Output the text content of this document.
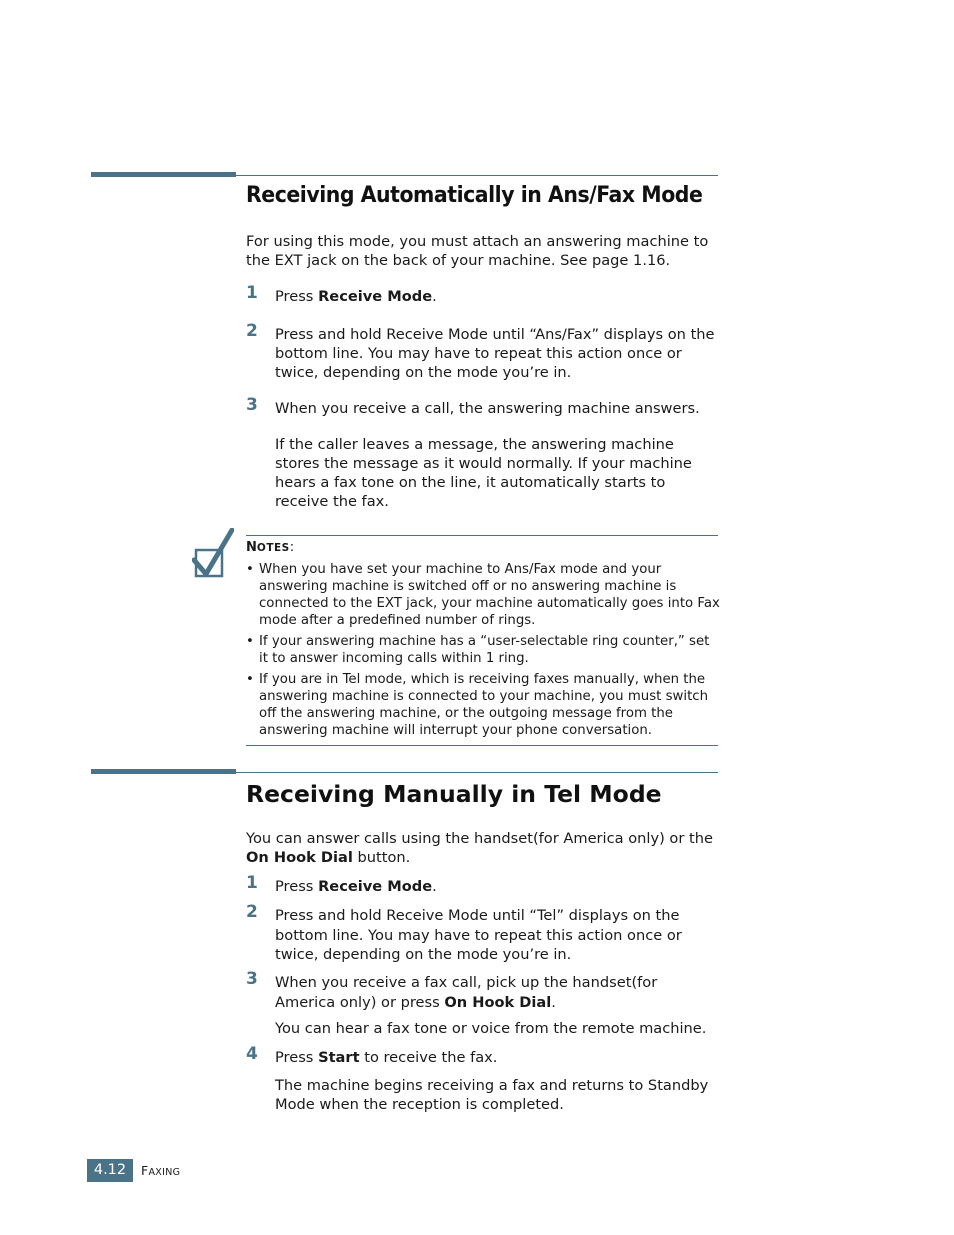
Receiving Automatically in Ans/Fax Mode

For using this mode, you must attach an answering machine to the EXT jack on the back of your machine. See page 1.16.

1 Press Receive Mode.

2 Press and hold Receive Mode until “Ans/Fax” displays on the bottom line. You may have to repeat this action once or twice, depending on the mode you’re in.

3 When you receive a call, the answering machine answers.

If the caller leaves a message, the answering machine stores the message as it would normally. If your machine hears a fax tone on the line, it automatically starts to receive the fax.

NOTES:

• When you have set your machine to Ans/Fax mode and your answering machine is switched off or no answering machine is connected to the EXT jack, your machine automatically goes into Fax mode after a predefined number of rings.
• If your answering machine has a “user-selectable ring counter,” set it to answer incoming calls within 1 ring.
• If you are in Tel mode, which is receiving faxes manually, when the answering machine is connected to your machine, you must switch off the answering machine, or the outgoing message from the answering machine will interrupt your phone conversation.
Receiving Manually in Tel Mode

You can answer calls using the handset(for America only) or the On Hook Dial button.

1 Press Receive Mode.

2 Press and hold Receive Mode until “Tel” displays on the bottom line. You may have to repeat this action once or twice, depending on the mode you’re in.

3 When you receive a fax call, pick up the handset(for America only) or press On Hook Dial.

You can hear a fax tone or voice from the remote machine.

4 Press Start to receive the fax.

The machine begins receiving a fax and returns to Standby Mode when the reception is completed.

4.12	FAXING
